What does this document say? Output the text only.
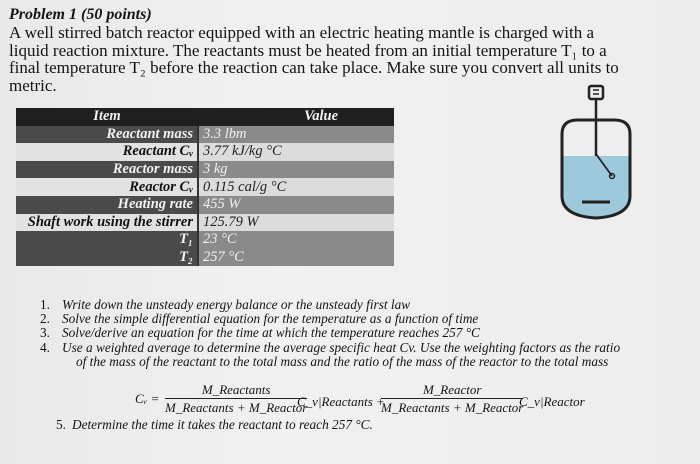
Problem 1 (50 points)
A well stirred batch reactor equipped with an electric heating mantle is charged with a liquid reaction mixture. The reactants must be heated from an initial temperature T₁ to a final temperature T₂ before the reaction can take place. Make sure you convert all units to metric.
Item	Value
Reactant mass	3.3 lbm
Reactant Cᵥ	3.77 kJ/kg °C
Reactor mass	3 kg
Reactor Cᵥ	0.115 cal/g °C
Heating rate	455 W
Shaft work using the stirrer	125.79 W
T₁	23 °C
T₂	257 °C
1. Write down the unsteady energy balance or the unsteady first law
2. Solve the simple differential equation for the temperature as a function of time
3. Solve/derive an equation for the time at which the temperature reaches 257 °C
4. Use a weighted average to determine the average specific heat Cv. Use the weighting factors as the ratio
of the mass of the reactant to the total mass and the ratio of the mass of the reactor to the total mass
Cᵥ =
M_Reactants
M_Reactants + M_Reactor
C_v|Reactants +
M_Reactor
M_Reactants + M_Reactor
C_v|Reactor
5. Determine the time it takes the reactant to reach 257 °C.
